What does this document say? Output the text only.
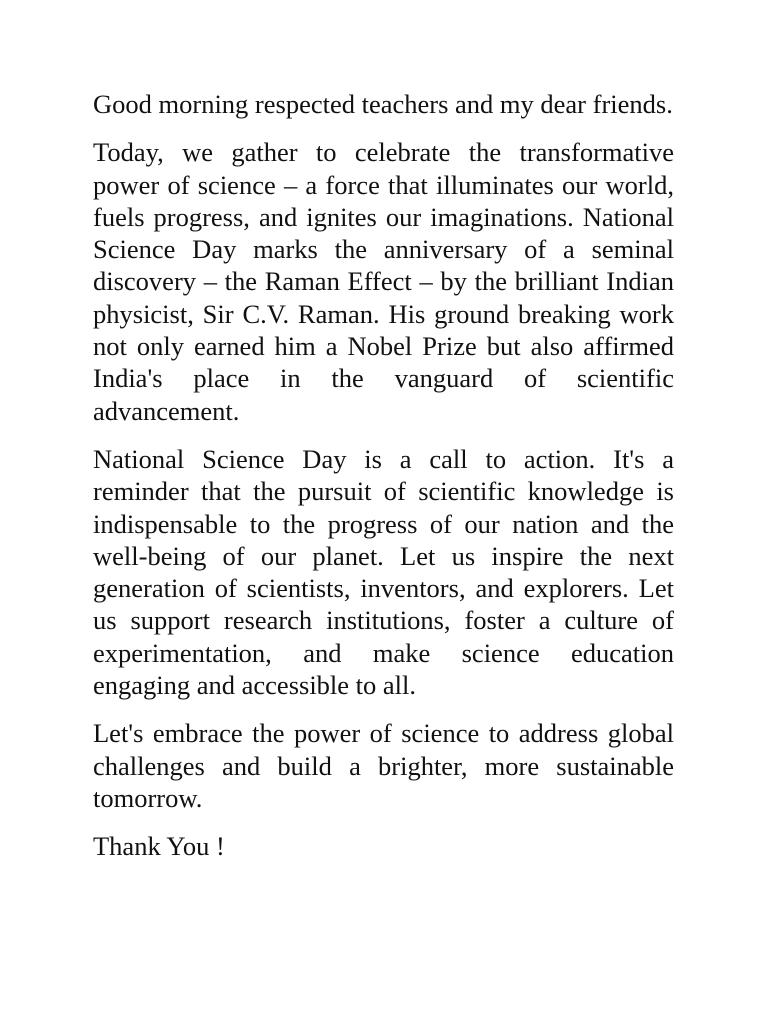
Good morning respected teachers and my dear friends.

Today, we gather to celebrate the transformative power of science – a force that illuminates our world, fuels progress, and ignites our imaginations. National Science Day marks the anniversary of a seminal discovery – the Raman Effect – by the brilliant Indian physicist, Sir C.V. Raman. His ground breaking work not only earned him a Nobel Prize but also affirmed India's place in the vanguard of scientific advancement.

National Science Day is a call to action. It's a reminder that the pursuit of scientific knowledge is indispensable to the progress of our nation and the well-being of our planet. Let us inspire the next generation of scientists, inventors, and explorers. Let us support research institutions, foster a culture of experimentation, and make science education engaging and accessible to all.

Let's embrace the power of science to address global challenges and build a brighter, more sustainable tomorrow.

Thank You !
